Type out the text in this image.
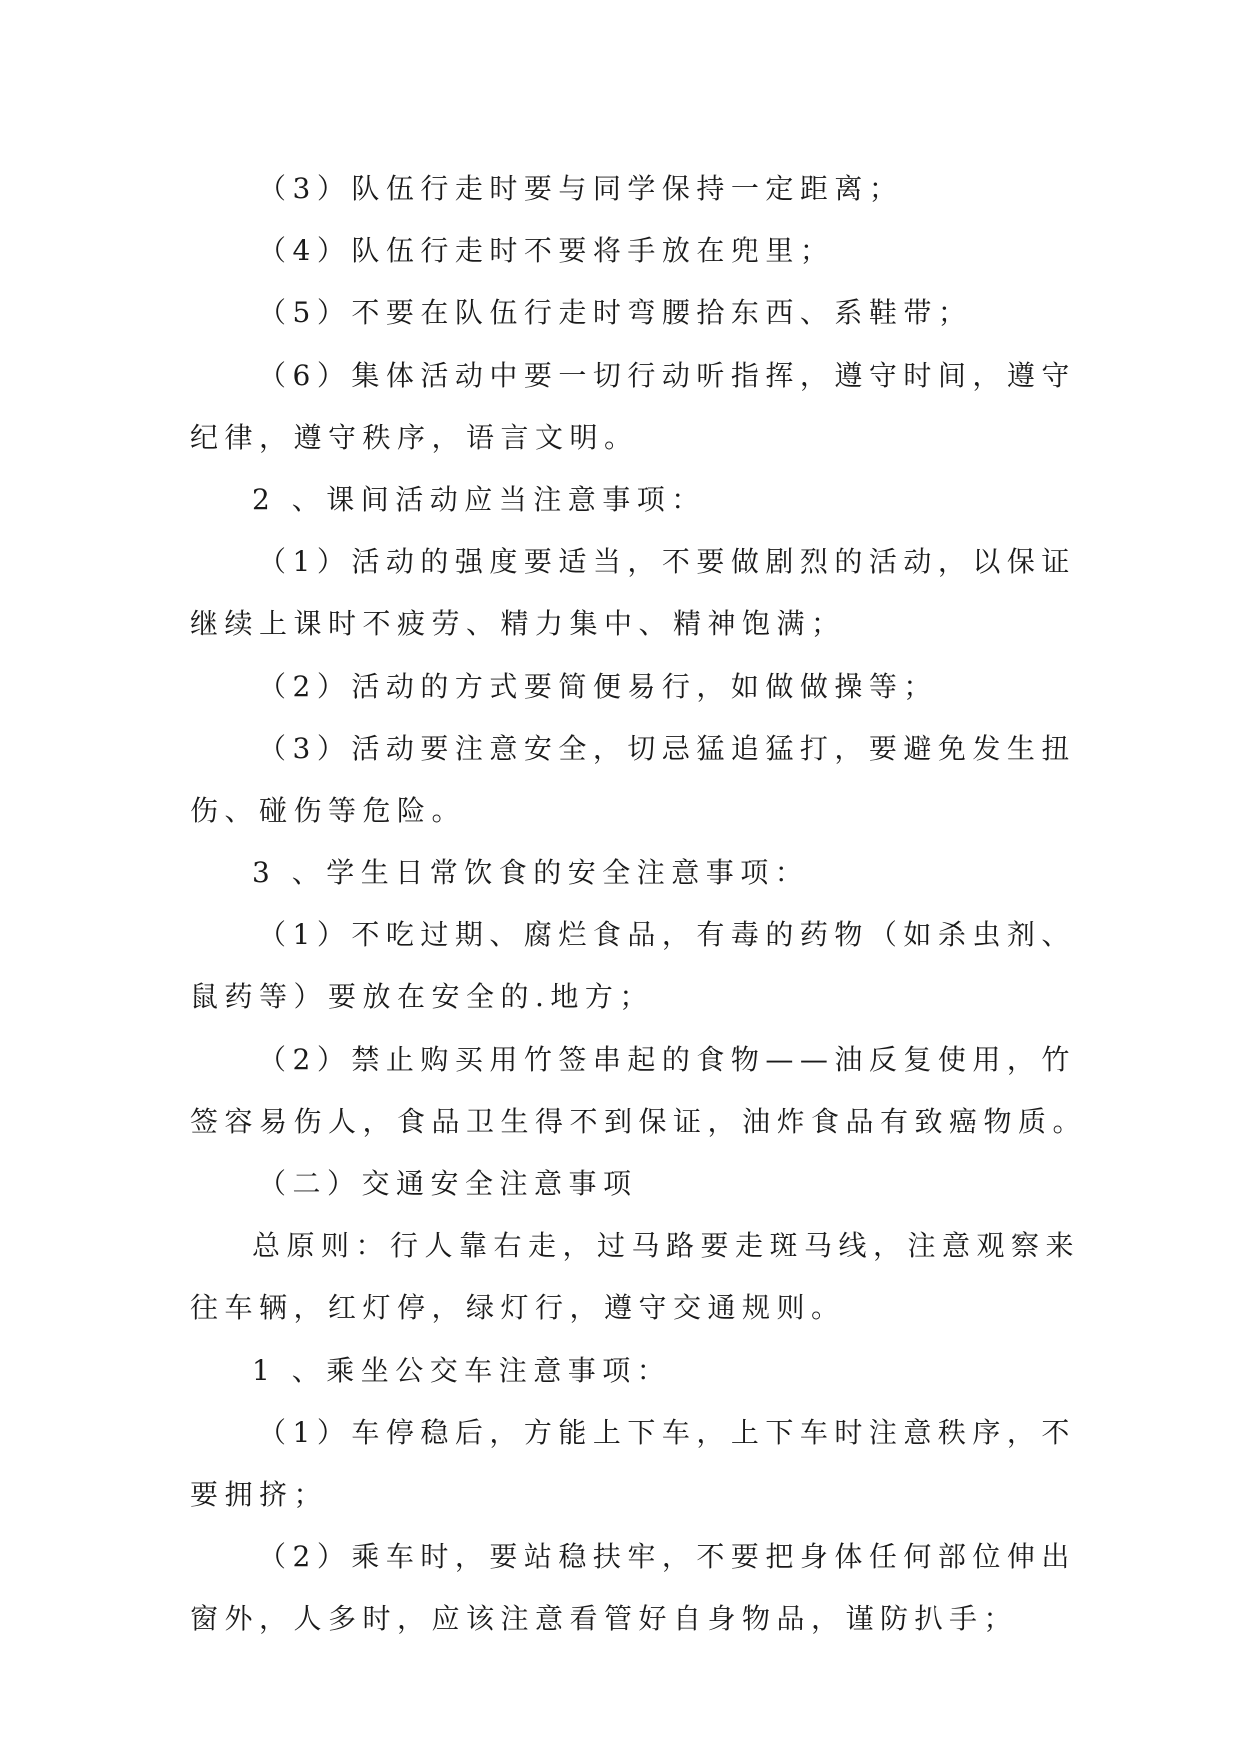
（3）队伍行走时要与同学保持一定距离；
（4）队伍行走时不要将手放在兜里；
（5）不要在队伍行走时弯腰拾东西、系鞋带；
（6）集体活动中要一切行动听指挥，遵守时间，遵守
纪律，遵守秩序，语言文明。
2 、课间活动应当注意事项：
（1）活动的强度要适当，不要做剧烈的活动，以保证
继续上课时不疲劳、精力集中、精神饱满；
（2）活动的方式要简便易行，如做做操等；
（3）活动要注意安全，切忌猛追猛打，要避免发生扭
伤、碰伤等危险。
3 、学生日常饮食的安全注意事项：
（1）不吃过期、腐烂食品，有毒的药物（如杀虫剂、
鼠药等）要放在安全的.地方；
（2）禁止购买用竹签串起的食物——油反复使用，竹
签容易伤人，食品卫生得不到保证，油炸食品有致癌物质。
（二）交通安全注意事项
总原则：行人靠右走，过马路要走斑马线，注意观察来
往车辆，红灯停，绿灯行，遵守交通规则。
1 、乘坐公交车注意事项：
（1）车停稳后，方能上下车，上下车时注意秩序，不
要拥挤；
（2）乘车时，要站稳扶牢，不要把身体任何部位伸出
窗外，人多时，应该注意看管好自身物品，谨防扒手；
